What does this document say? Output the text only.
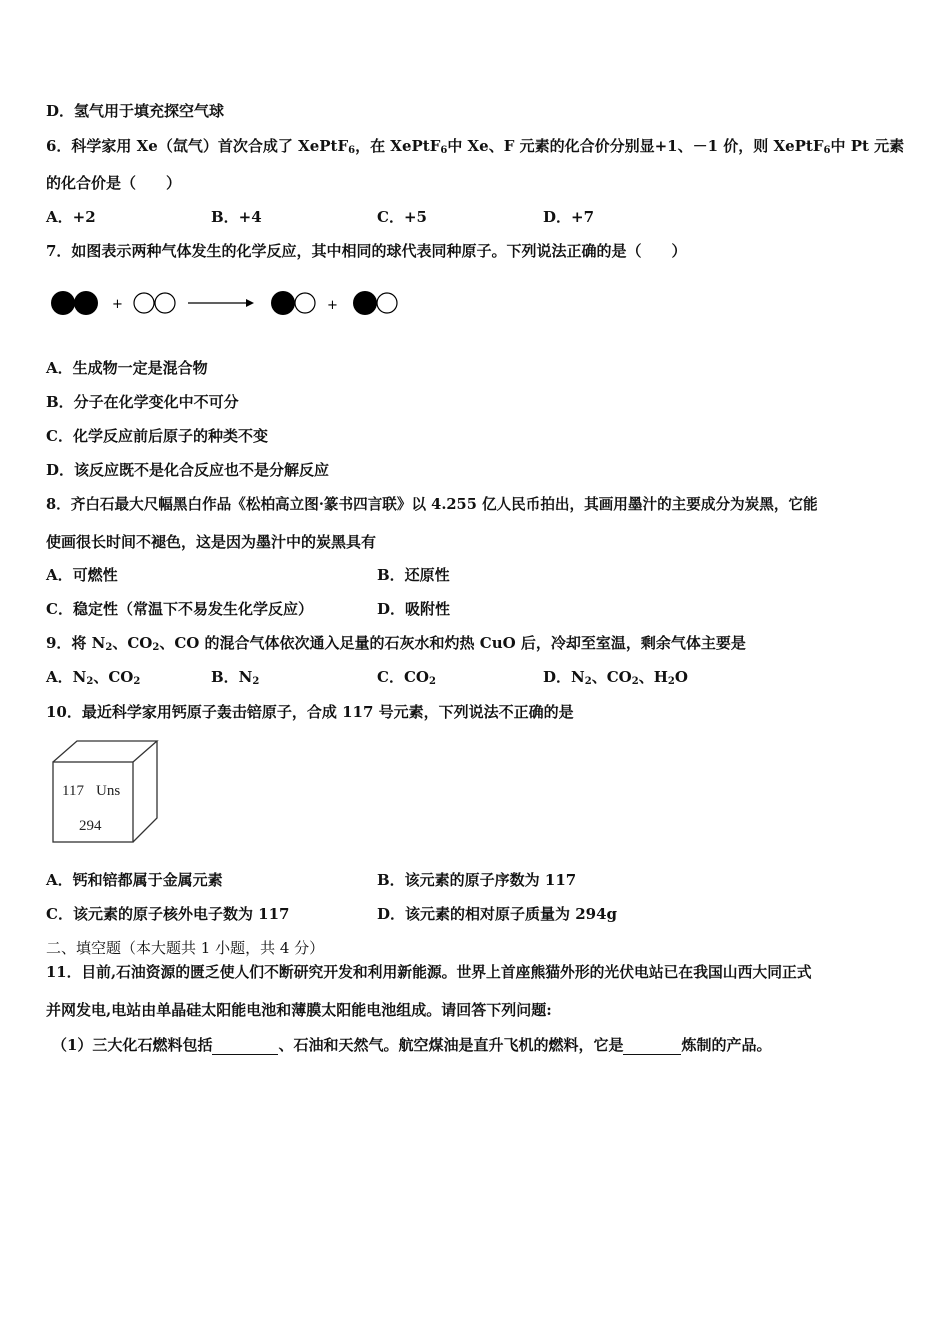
D．氢气用于填充探空气球
6．科学家用 Xe（氙气）首次合成了 XePtF$_6$，在 XePtF$_6$中 Xe、F 元素的化合价分别显+1、－1 价，则 XePtF$_6$中 Pt 元素
的化合价是（　　）
A．+2	B．+4	C．+5	D．+7
7．如图表示两种气体发生的化学反应，其中相同的球代表同种原子。下列说法正确的是（　　）
+	+
A．生成物一定是混合物
B．分子在化学变化中不可分
C．化学反应前后原子的种类不变
D．该反应既不是化合反应也不是分解反应
8．齐白石最大尺幅黑白作品《松柏高立图·篆书四言联》以 4.255 亿人民币拍出，其画用墨汁的主要成分为炭黑，它能
使画很长时间不褪色，这是因为墨汁中的炭黑具有
A．可燃性	B．还原性
C．稳定性（常温下不易发生化学反应）	D．吸附性
9．将 $N_2$、$CO_2$、CO 的混合气体依次通入足量的石灰水和灼热 CuO 后，冷却至室温，剩余气体主要是
A．$N_2$、$CO_2$	B．$N_2$	C．$CO_2$	D．$N_2$、$CO_2$、$H_2O$
10．最近科学家用钙原子轰击锫原子，合成 117 号元素，下列说法不正确的是
117 Uns
294
A．钙和锫都属于金属元素	B．该元素的原子序数为 117
C．该元素的原子核外电子数为 117	D．该元素的相对原子质量为 294g
二、填空题（本大题共 1 小题，共 4 分）
11．目前,石油资源的匮乏使人们不断研究开发和利用新能源。世界上首座熊猫外形的光伏电站已在我国山西大同正式
并网发电,电站由单晶硅太阳能电池和薄膜太阳能电池组成。请回答下列问题:
（1）三大化石燃料包括	、石油和天然气。航空煤油是直升飞机的燃料，它是	炼制的产品。
